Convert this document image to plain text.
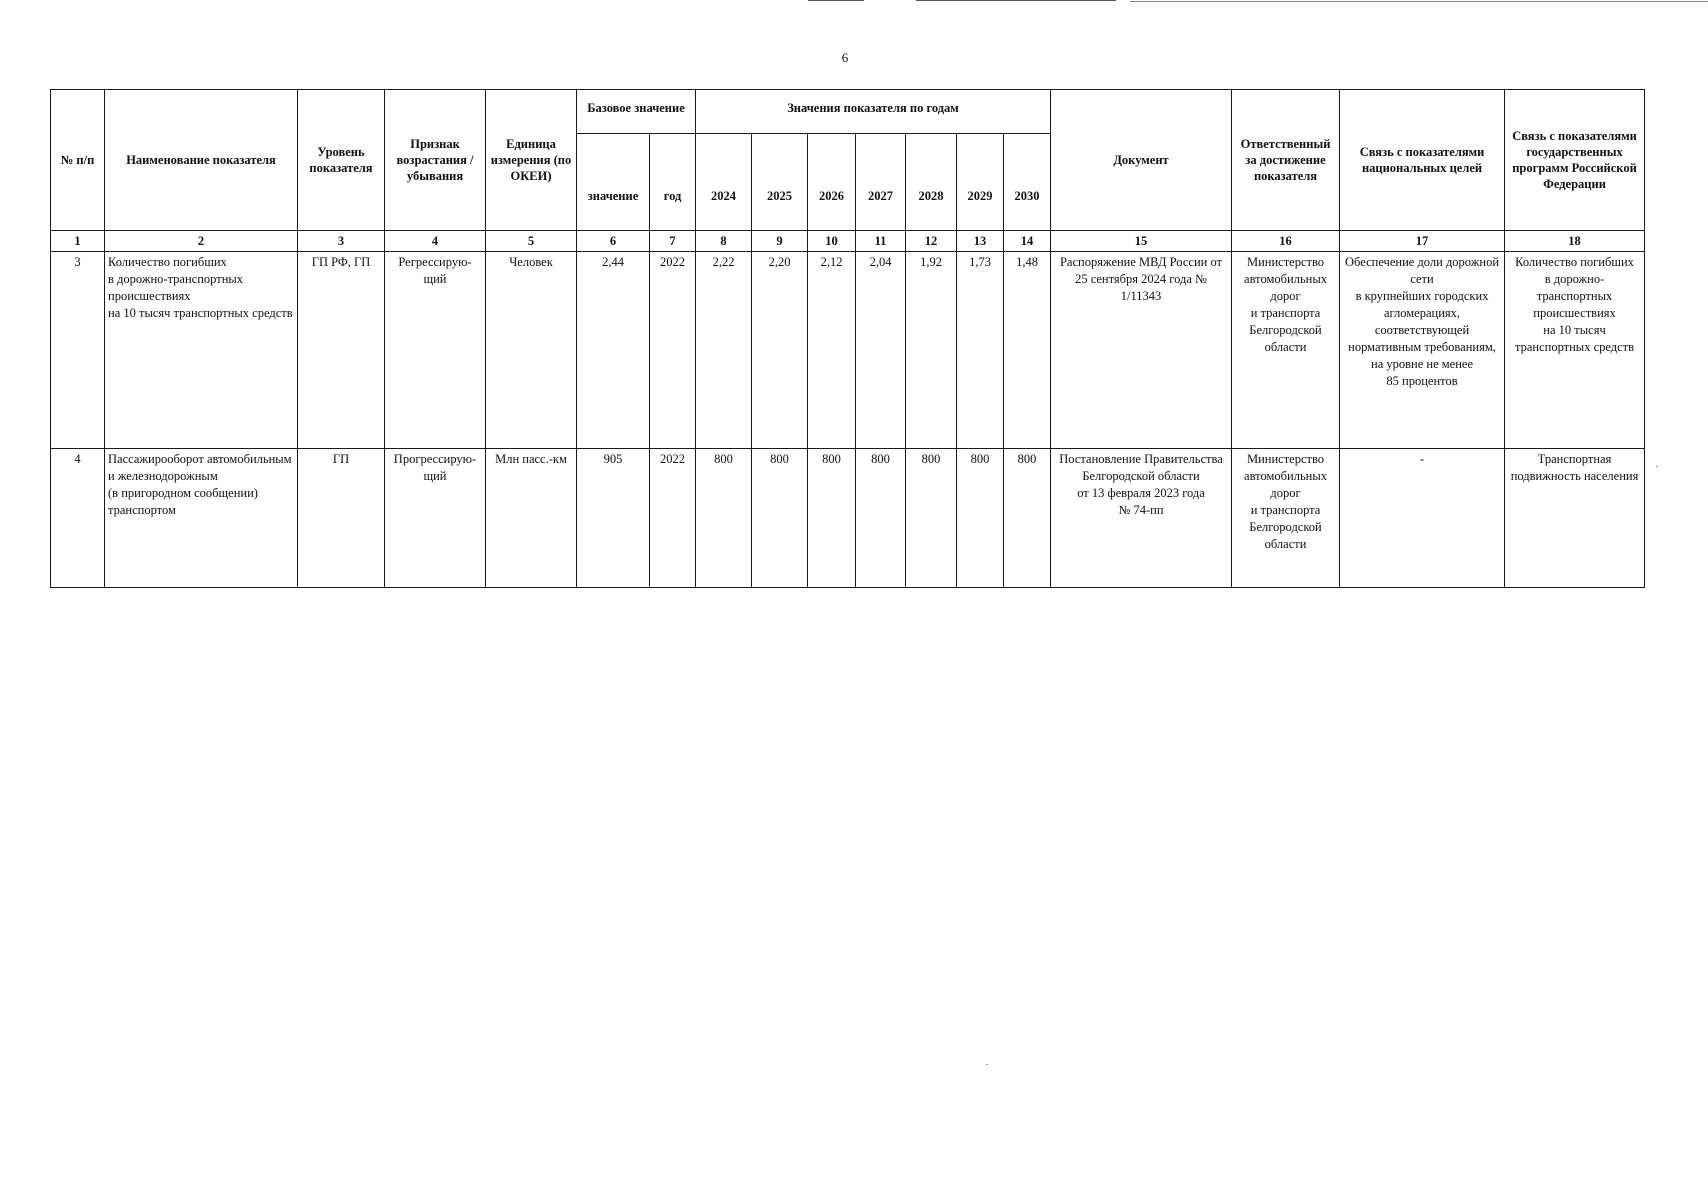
6
№ п/п	Наименование показателя	Уровень показателя	Признак возрастания / убывания	Единица измерения (по ОКЕИ)	Базовое значение		Значения показателя по годам							Документ	Ответственный за достижение показателя	Связь с показателями национальных целей	Связь с показателями государственных программ Российской Федерации
					значение	год	2024	2025	2026	2027	2028	2029	2030				
1	2	3	4	5	6	7	8	9	10	11	12	13	14	15	16	17	18
3	Количество погибших
в дорожно-транспортных происшествиях
на 10 тысяч транспортных средств	ГП РФ, ГП	Регрессирую-щий	Человек	2,44	2022	2,22	2,20	2,12	2,04	1,92	1,73	1,48	Распоряжение МВД России от 25 сентября 2024 года № 1/11343	Министерство автомобильных дорог
и транспорта Белгородской области	Обеспечение доли дорожной сети
в крупнейших городских агломерациях, соответствующей нормативным требованиям, на уровне не менее
85 процентов	Количество погибших
в дорожно-транспортных происшествиях
на 10 тысяч транспортных средств
4	Пассажирооборот автомобильным
и железнодорожным
(в пригородном сообщении) транспортом	ГП	Прогрессирую-щий	Млн пасс.-км	905	2022	800	800	800	800	800	800	800	Постановление Правительства Белгородской области
от 13 февраля 2023 года
№ 74-пп	Министерство автомобильных дорог
и транспорта Белгородской области	-	Транспортная подвижность населения
